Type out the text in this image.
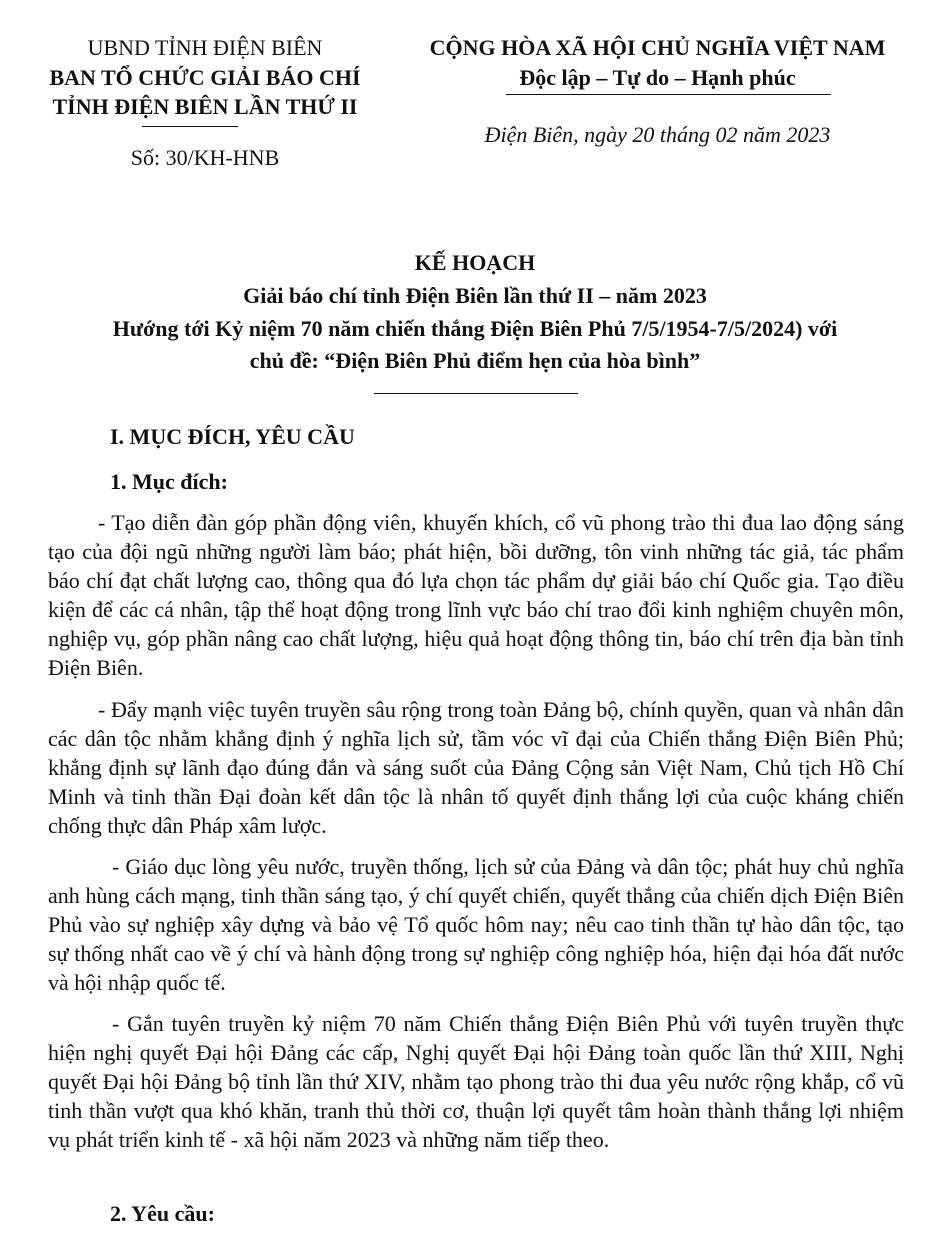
UBND TỈNH ĐIỆN BIÊN
BAN TỔ CHỨC GIẢI BÁO CHÍ
TỈNH ĐIỆN BIÊN LẦN THỨ II
Số: 30/KH-HNB
CỘNG HÒA XÃ HỘI CHỦ NGHĨA VIỆT NAM
Độc lập – Tự do – Hạnh phúc
Điện Biên, ngày 20 tháng 02 năm 2023
KẾ HOẠCH
Giải báo chí tỉnh Điện Biên lần thứ II – năm 2023
Hướng tới Kỷ niệm 70 năm chiến thắng Điện Biên Phủ 7/5/1954-7/5/2024) với
chủ đề: “Điện Biên Phủ điểm hẹn của hòa bình”
I. MỤC ĐÍCH, YÊU CẦU
1. Mục đích:

- Tạo diễn đàn góp phần động viên, khuyến khích, cổ vũ phong trào thi đua lao động sáng tạo của đội ngũ những người làm báo; phát hiện, bồi dưỡng, tôn vinh những tác giả, tác phẩm báo chí đạt chất lượng cao, thông qua đó lựa chọn tác phẩm dự giải báo chí Quốc gia. Tạo điều kiện để các cá nhân, tập thể hoạt động trong lĩnh vực báo chí trao đổi kinh nghiệm chuyên môn, nghiệp vụ, góp phần nâng cao chất lượng, hiệu quả hoạt động thông tin, báo chí trên địa bàn tỉnh Điện Biên.

- Đẩy mạnh việc tuyên truyền sâu rộng trong toàn Đảng bộ, chính quyền, quan và nhân dân các dân tộc nhằm khẳng định ý nghĩa lịch sử, tầm vóc vĩ đại của Chiến thắng Điện Biên Phủ; khẳng định sự lãnh đạo đúng đắn và sáng suốt của Đảng Cộng sản Việt Nam, Chủ tịch Hồ Chí Minh và tinh thần Đại đoàn kết dân tộc là nhân tố quyết định thắng lợi của cuộc kháng chiến chống thực dân Pháp xâm lược.

- Giáo dục lòng yêu nước, truyền thống, lịch sử của Đảng và dân tộc; phát huy chủ nghĩa anh hùng cách mạng, tinh thần sáng tạo, ý chí quyết chiến, quyết thắng của chiến dịch Điện Biên Phủ vào sự nghiệp xây dựng và bảo vệ Tổ quốc hôm nay; nêu cao tinh thần tự hào dân tộc, tạo sự thống nhất cao về ý chí và hành động trong sự nghiệp công nghiệp hóa, hiện đại hóa đất nước và hội nhập quốc tế.

- Gắn tuyên truyền kỷ niệm 70 năm Chiến thắng Điện Biên Phủ với tuyên truyền thực hiện nghị quyết Đại hội Đảng các cấp, Nghị quyết Đại hội Đảng toàn quốc lần thứ XIII, Nghị quyết Đại hội Đảng bộ tỉnh lần thứ XIV, nhằm tạo phong trào thi đua yêu nước rộng khắp, cổ vũ tinh thần vượt qua khó khăn, tranh thủ thời cơ, thuận lợi quyết tâm hoàn thành thắng lợi nhiệm vụ phát triển kinh tế - xã hội năm 2023 và những năm tiếp theo.

2. Yêu cầu:
